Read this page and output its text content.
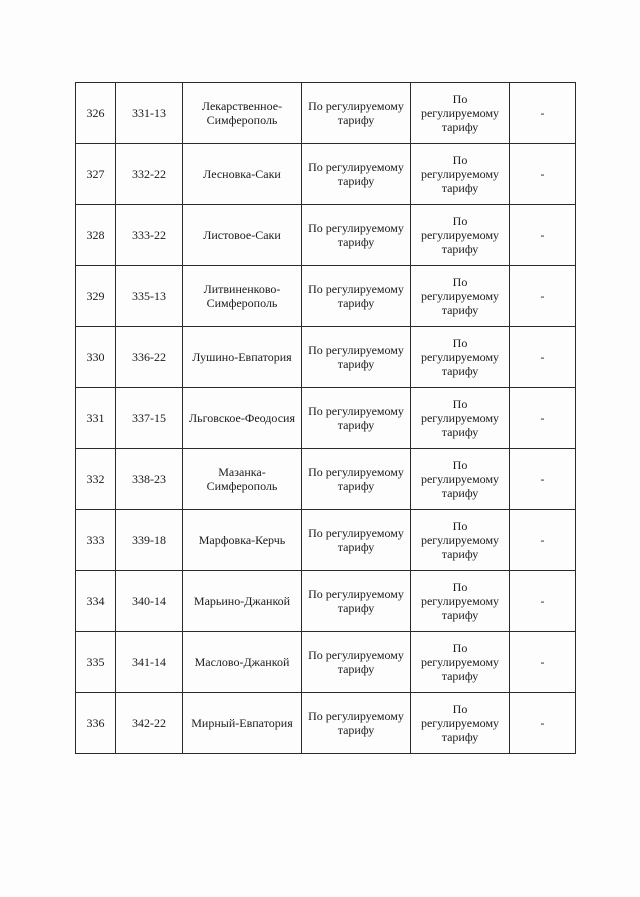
326	331-13	Лекарственное-Симферополь	По регулируемому тарифу	По регулируемому тарифу	-
327	332-22	Лесновка-Саки	По регулируемому тарифу	По регулируемому тарифу	-
328	333-22	Листовое-Саки	По регулируемому тарифу	По регулируемому тарифу	-
329	335-13	Литвиненково-Симферополь	По регулируемому тарифу	По регулируемому тарифу	-
330	336-22	Лушино-Евпатория	По регулируемому тарифу	По регулируемому тарифу	-
331	337-15	Льговское-Феодосия	По регулируемому тарифу	По регулируемому тарифу	-
332	338-23	Мазанка-Симферополь	По регулируемому тарифу	По регулируемому тарифу	-
333	339-18	Марфовка-Керчь	По регулируемому тарифу	По регулируемому тарифу	-
334	340-14	Марьино-Джанкой	По регулируемому тарифу	По регулируемому тарифу	-
335	341-14	Маслово-Джанкой	По регулируемому тарифу	По регулируемому тарифу	-
336	342-22	Мирный-Евпатория	По регулируемому тарифу	По регулируемому тарифу	-
